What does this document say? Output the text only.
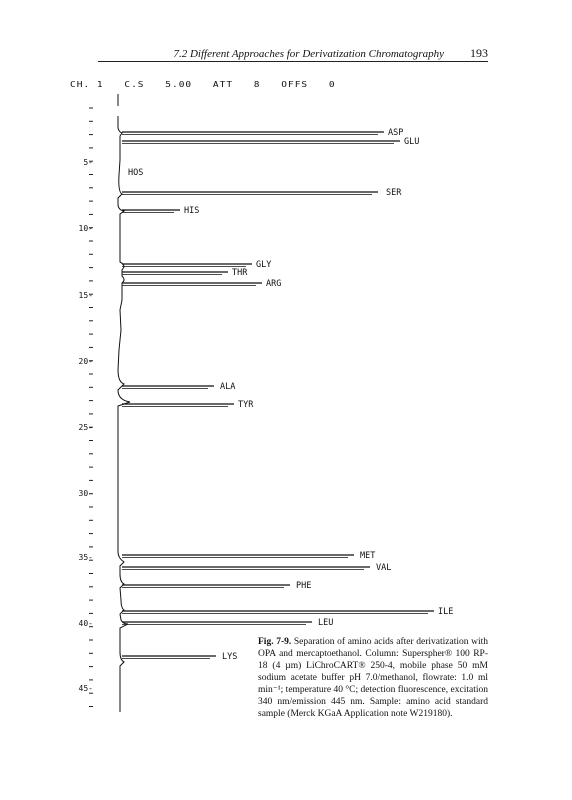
7.2 Different Approaches for Derivatization Chromatography 193
CH. 1 C.S 5.00 ATT 8 OFFS 0
5-
10-
15-
20-
25-
30-
35-
40-
45-
ASP
GLU
HOS
SER
HIS
GLY
THR
ARG
ALA
TYR
MET
VAL
PHE
ILE
LEU
LYS
Fig. 7-9. Separation of amino acids after derivatization with OPA and mercaptoethanol. Column: Superspher® 100 RP-18 (4 µm) LiChroCART® 250-4, mobile phase 50 mM sodium acetate buffer pH 7.0/methanol, flowrate: 1.0 ml min⁻¹; temperature 40 °C; detection fluorescence, excitation 340 nm/emission 445 nm. Sample: amino acid standard sample (Merck KGaA Application note W219180).
